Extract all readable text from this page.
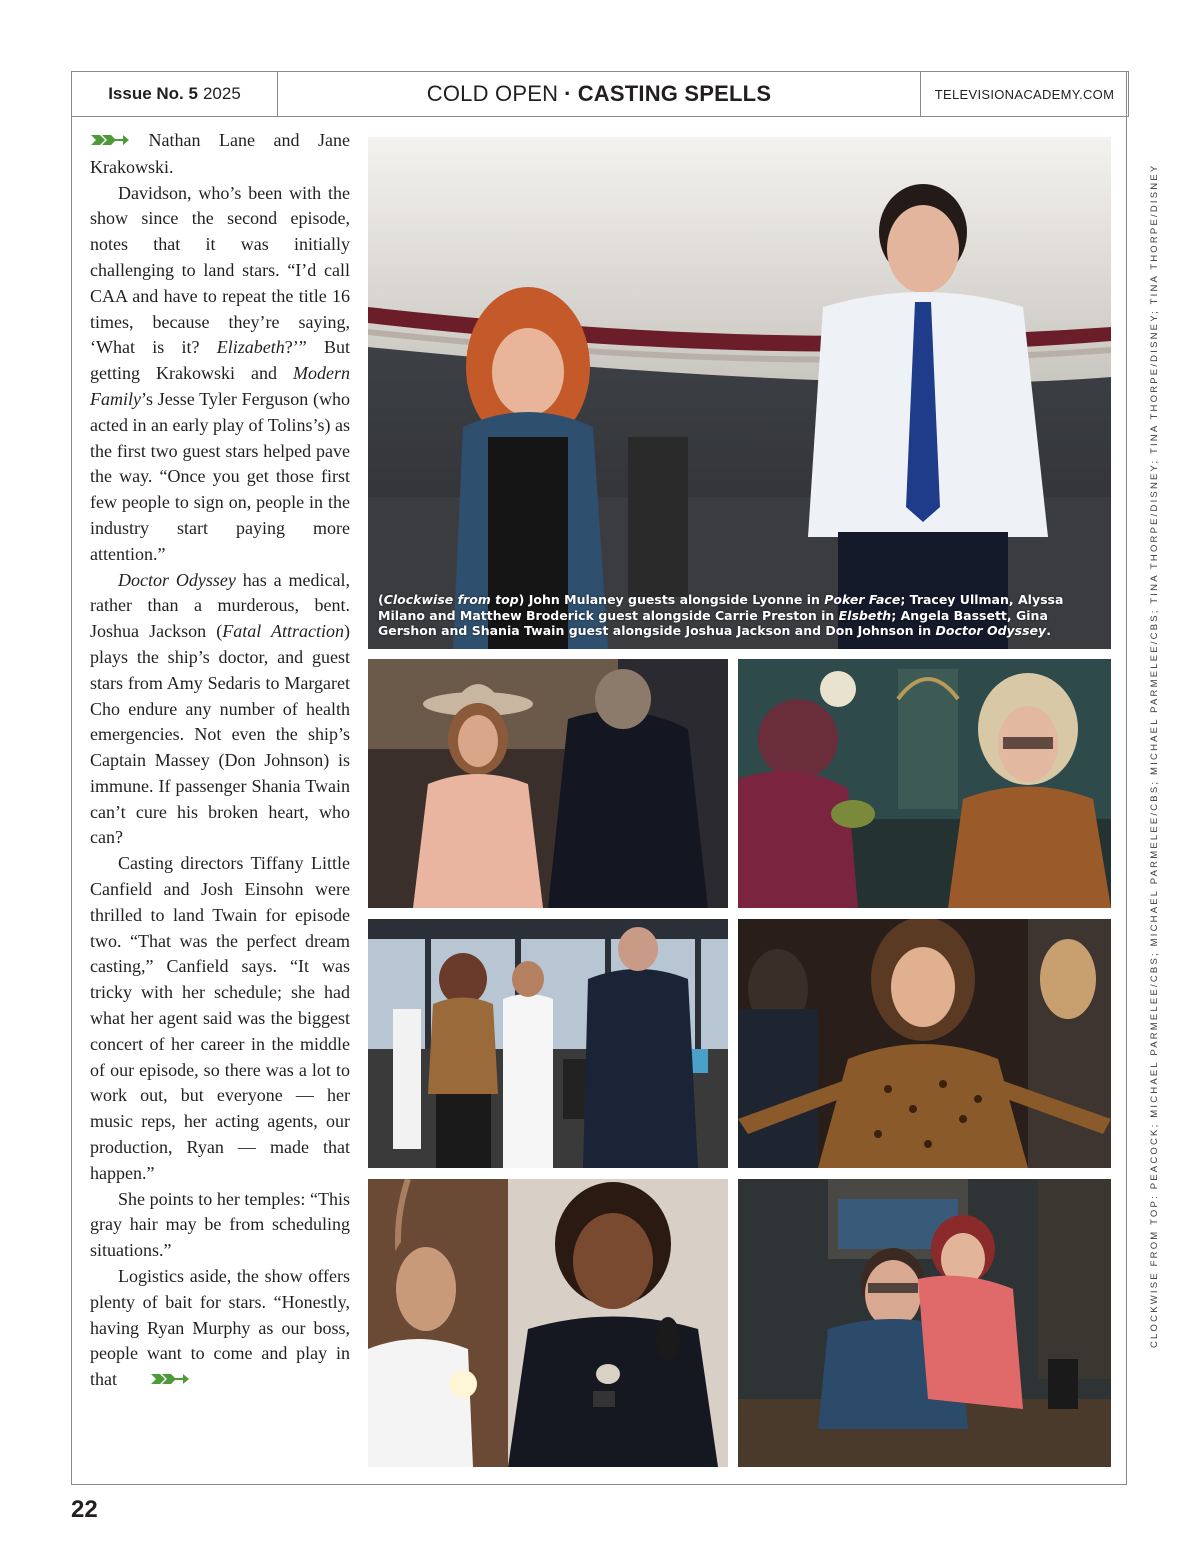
Issue No. 5 2025	COLD OPEN · CASTING SPELLS	TELEVISIONACADEMY.COM

Nathan Lane and Jane Krakowski.

Davidson, who’s been with the show since the second episode, notes that it was initially challenging to land stars. “I’d call CAA and have to repeat the title 16 times, because they’re saying, ‘What is it? Elizabeth?’” But getting Krakowski and Modern Family’s Jesse Tyler Ferguson (who acted in an early play of Tolins’s) as the first two guest stars helped pave the way. “Once you get those first few people to sign on, people in the industry start paying more attention.”

Doctor Odyssey has a medical, rather than a murderous, bent. Joshua Jackson (Fatal Attraction) plays the ship’s doctor, and guest stars from Amy Sedaris to Margaret Cho endure any number of health emergencies. Not even the ship’s Captain Massey (Don Johnson) is immune. If passenger Shania Twain can’t cure his broken heart, who can?

Casting directors Tiffany Little Canfield and Josh Einsohn were thrilled to land Twain for episode two. “That was the perfect dream casting,” Canfield says. “It was tricky with her schedule; she had what her agent said was the biggest concert of her career in the middle of our episode, so there was a lot to work out, but everyone — her music reps, her acting agents, our production, Ryan — made that happen.”

She points to her temples: “This gray hair may be from scheduling situations.”

Logistics aside, the show offers plenty of bait for stars. “Honestly, having Ryan Murphy as our boss, people want to come and play in that

(Clockwise from top) John Mulaney guests alongside Lyonne in Poker Face; Tracey Ullman, Alyssa Milano and Matthew Broderick guest alongside Carrie Preston in Elsbeth; Angela Bassett, Gina Gershon and Shania Twain guest alongside Joshua Jackson and Don Johnson in Doctor Odyssey.	CLOCKWISE FROM TOP: PEACOCK; MICHAEL PARMELEE/CBS; MICHAEL PARMELEE/CBS; MICHAEL PARMELEE/CBS; TINA THORPE/DISNEY; TINA THORPE/DISNEY; TINA THORPE/DISNEY
22
